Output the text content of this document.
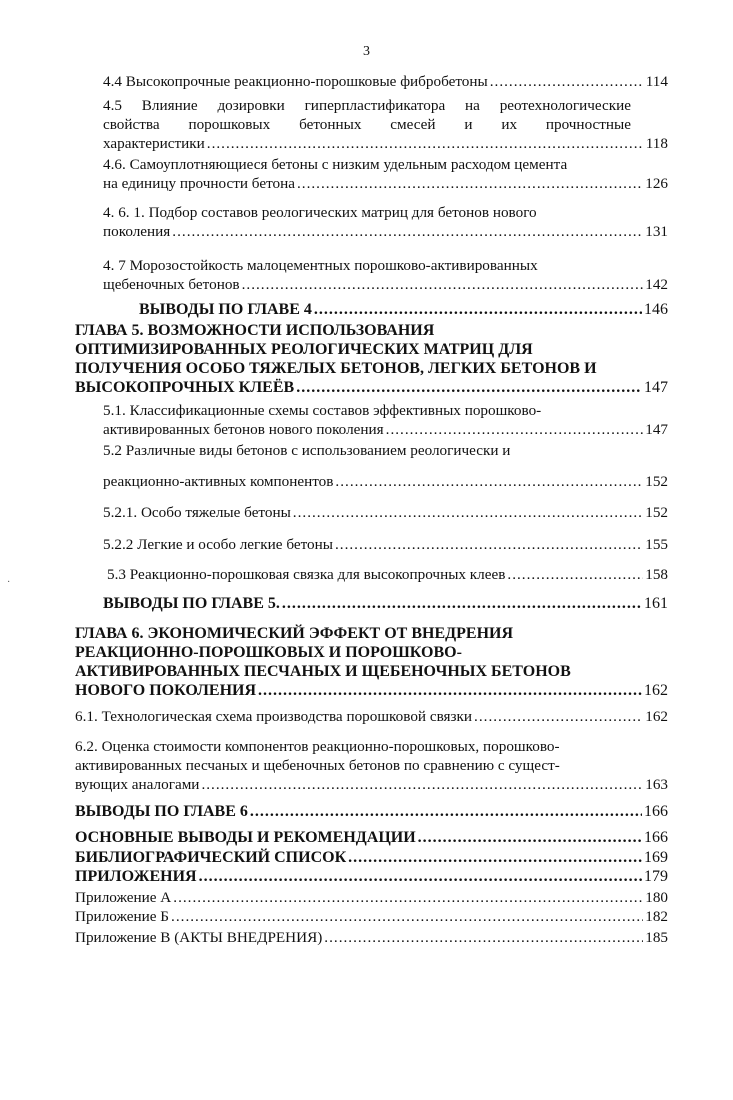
3
4.4 Высокопрочные реакционно-порошковые фибробетоны .....	114
4.5 Влияние дозировки гиперпластификатора на реотехнологические
свойства порошковых бетонных смесей и их прочностные
характеристики .....	118
4.6. Самоуплотняющиеся бетоны с низким удельным расходом цемента
на единицу прочности бетона .....	126
4. 6. 1. Подбор составов реологических матриц для бетонов нового
поколения .....	131
4. 7 Морозостойкость малоцементных порошково-активированных
щебеночных бетонов .....	142
ВЫВОДЫ ПО ГЛАВЕ 4 .....	146
ГЛАВА 5. ВОЗМОЖНОСТИ ИСПОЛЬЗОВАНИЯ
ОПТИМИЗИРОВАННЫХ РЕОЛОГИЧЕСКИХ МАТРИЦ ДЛЯ
ПОЛУЧЕНИЯ ОСОБО ТЯЖЕЛЫХ БЕТОНОВ, ЛЕГКИХ БЕТОНОВ И
ВЫСОКОПРОЧНЫХ КЛЕЁВ .....	147
5.1. Классификационные схемы составов эффективных порошково-
активированных бетонов нового поколения .....	147
5.2 Различные виды бетонов с использованием реологически и
реакционно-активных компонентов .....	152
5.2.1. Особо тяжелые бетоны .....	152
5.2.2 Легкие и особо легкие бетоны .....	155
5.3 Реакционно-порошковая связка для высокопрочных клеев .....	158
ВЫВОДЫ ПО ГЛАВЕ 5. .....	161
ГЛАВА 6. ЭКОНОМИЧЕСКИЙ ЭФФЕКТ ОТ ВНЕДРЕНИЯ
РЕАКЦИОННО-ПОРОШКОВЫХ И ПОРОШКОВО-
АКТИВИРОВАННЫХ ПЕСЧАНЫХ И ЩЕБЕНОЧНЫХ БЕТОНОВ
НОВОГО ПОКОЛЕНИЯ .....	162
6.1. Технологическая схема производства порошковой связки .....	162
6.2. Оценка стоимости компонентов реакционно-порошковых, порошково-
активированных песчаных и щебеночных бетонов по сравнению с сущест-
вующих аналогами .....	163
ВЫВОДЫ ПО ГЛАВЕ 6 .....	166
ОСНОВНЫЕ ВЫВОДЫ И РЕКОМЕНДАЦИИ .....	166
БИБЛИОГРАФИЧЕСКИЙ СПИСОК .....	169
ПРИЛОЖЕНИЯ .....	179
Приложение А .....	180
Приложение Б .....	182
Приложение В (АКТЫ ВНЕДРЕНИЯ) .....	185
·
